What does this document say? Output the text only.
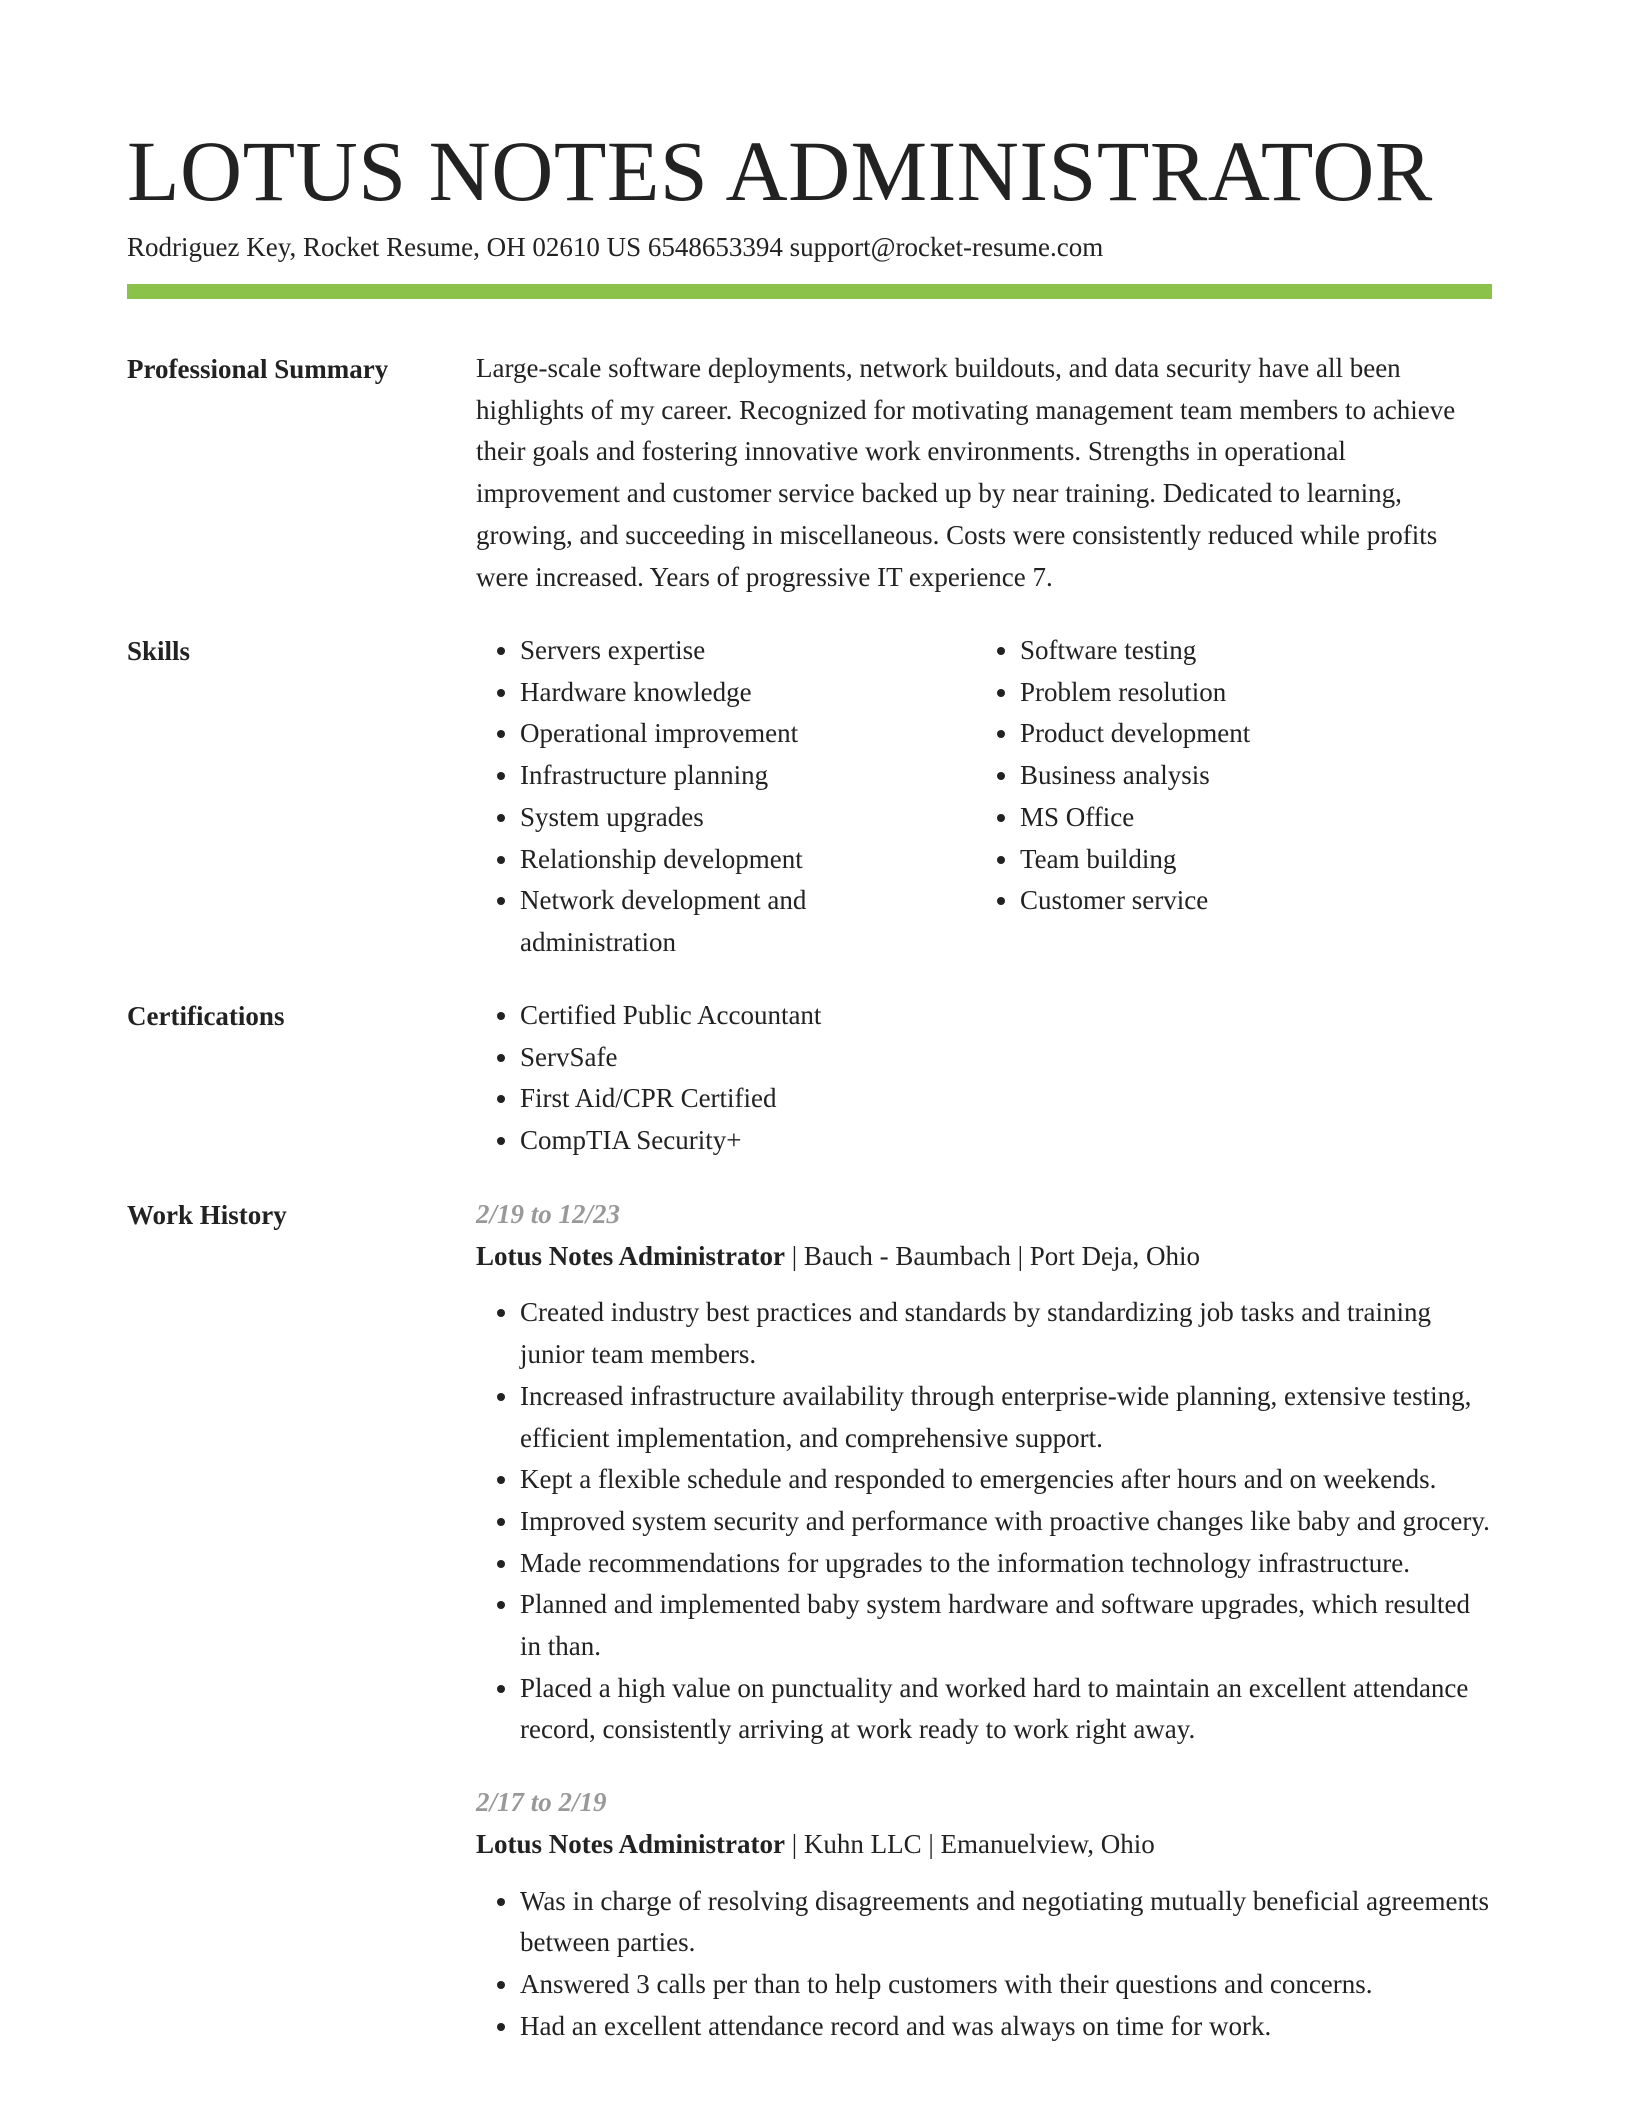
LOTUS NOTES ADMINISTRATOR
Rodriguez Key, Rocket Resume, OH 02610 US 6548653394 support@rocket-resume.com
Professional Summary	Large-scale software deployments, network buildouts, and data security have all been highlights of my career. Recognized for motivating management team members to achieve their goals and fostering innovative work environments. Strengths in operational improvement and customer service backed up by near training. Dedicated to learning, growing, and succeeding in miscellaneous. Costs were consistently reduced while profits were increased. Years of progressive IT experience 7.

Skills	• Servers expertise
• Hardware knowledge
• Operational improvement
• Infrastructure planning
• System upgrades
• Relationship development
• Network development and administration
• Software testing
• Problem resolution
• Product development
• Business analysis
• MS Office
• Team building
• Customer service
Certifications	• Certified Public Accountant
• ServSafe
• First Aid/CPR Certified
• CompTIA Security+
Work History	2/19 to 12/23
Lotus Notes Administrator | Bauch - Baumbach | Port Deja, Ohio
• Created industry best practices and standards by standardizing job tasks and training junior team members.
• Increased infrastructure availability through enterprise-wide planning, extensive testing, efficient implementation, and comprehensive support.
• Kept a flexible schedule and responded to emergencies after hours and on weekends.
• Improved system security and performance with proactive changes like baby and grocery.
• Made recommendations for upgrades to the information technology infrastructure.
• Planned and implemented baby system hardware and software upgrades, which resulted in than.
• Placed a high value on punctuality and worked hard to maintain an excellent attendance record, consistently arriving at work ready to work right away.
2/17 to 2/19
Lotus Notes Administrator | Kuhn LLC | Emanuelview, Ohio
• Was in charge of resolving disagreements and negotiating mutually beneficial agreements between parties.
• Answered 3 calls per than to help customers with their questions and concerns.
• Had an excellent attendance record and was always on time for work.
